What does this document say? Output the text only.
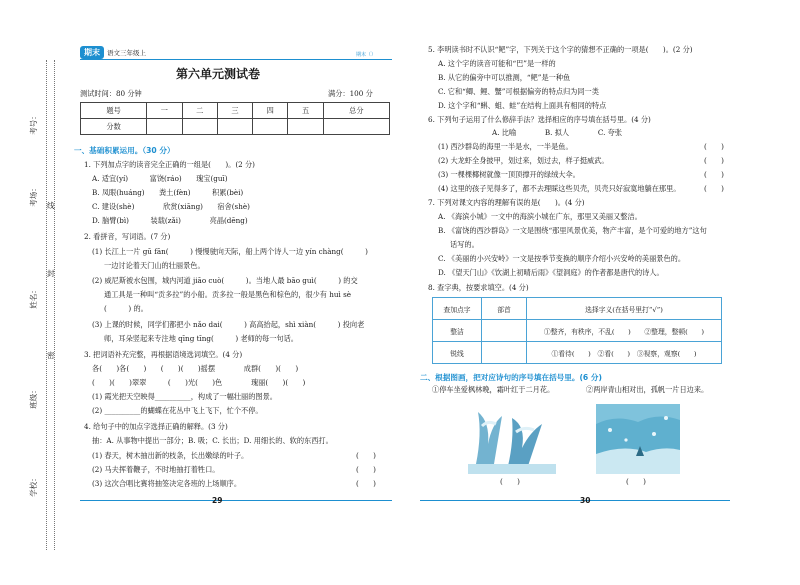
期末	语文三年级上	期末（）
考号：
考场：
姓名：
班级：
学校：
线
封
密
第六单元测试卷
测试时间：80 分钟	满分：100 分
题号	一	二	三	四	五	总分
分数						
一、基础积累运用。（30 分）
1. 下列加点字的读音完全正确的一组是(　　)。(2 分)
A. 适宜(yí)　　　富饶(ráo)　　瑰宝(guī)
B. 凤眼(huáng)　　粪土(fèn)　　　积累(bèi)
C. 建设(shè)　　　　欣赏(xiāng)　　宿舍(shè)
D. 脑臂(bì)　　　装载(zǎi)　　　　亮晶(dēng)
2. 看拼音，写词语。(7 分)
(1) 长江上一片 gū fān(　　　) 慢慢驶向天际，船上两个诗人一边 yín chàng(　　　)
一边讨论着天门山的壮丽景色。
(2) 威尼斯被水包围，城内河道 jiāo cuò(　　　)。当地人最 bāo guì(　　　) 的交
通工具是一种叫“贡多拉”的小船。贡多拉一般是黑色和棕色的，很少有 huì sè
(　　　) 的。
(3) 上课的时候，同学们都把小 nǎo dai(　　　) 高高抬起，shì xiàn(　　　) 投向老
师，耳朵竖起来专注地 qīng tīng(　　　) 老师的每一句话。
3. 把词语补充完整，再根据语境选词填空。(4 分)
各(　　)各(　　)　　(　　)(　　)摇摆　　　　成群(　　)(　　)
(　　)(　　)翠翠　　　(　　)光(　　)色　　　　瑰丽(　　)(　　)
(1) 霞光把天空映得__________，构成了一幅壮丽的图景。
(2) __________的蝴蝶在花丛中飞上飞下，忙个不停。
4. 给句子中的加点字选择正确的解释。(3 分)
抽：A. 从事物中提出一部分；B. 吸；C. 长出；D. 用细长的、软的东西打。
(1) 春天，树木抽出新的枝条，长出嫩绿的叶子。	(　　)
(2) 马夫挥着鞭子，不时地抽打着牲口。	(　　)
(3) 这次合唱比赛将抽签决定各班的上场顺序。	(　　)
29	30
5. 李明读书时不认识“鲃”字，下列关于这个字的猜想不正确的一项是(　　)。(2 分)
A. 这个字的读音可能和“巴”是一样的
B. 从它的偏旁中可以推测，“鲃”是一种鱼
C. 它和“鲫、鲤、蟹”可根据偏旁的特点归为同一类
D. 这个字和“蝌、蛆、蛙”在结构上面具有相同的特点
6. 下列句子运用了什么修辞手法？选择相应的序号填在括号里。(4 分)
A. 比喻　　　　B. 拟人　　　　C. 夸张
(1) 西沙群岛的海里一半是水，一半是鱼。	(　　)
(2) 大龙虾全身披甲，划过来，划过去，样子挺威武。	(　　)
(3) 一棵棵椰树就像一顶顶撑开的绿绒大伞。	(　　)
(4) 这里的孩子见得多了，都不去理睬这些贝壳，贝壳只好寂寞地躺在那里。	(　　)
7. 下列对课文内容的理解有误的是(　　)。(4 分)
A. 《海滨小城》一文中的海滨小城在广东，那里又美丽又整洁。
B. 《富饶的西沙群岛》一文是围绕“那里风景优美，物产丰富，是个可爱的地方”这句
话写的。
C. 《美丽的小兴安岭》一文是按季节变换的顺序介绍小兴安岭的美丽景色的。
D. 《望天门山》《饮湖上初晴后雨》《望洞庭》的作者都是唐代的诗人。
8. 查字典，按要求填空。(4 分)
查加点字	部首	选择字义(在括号里打“√”)
整洁		①整齐，有秩序，不乱(　　)　　②整理，整顿(　　)
锐线		①看待(　　)　②看(　　)　③视察，观察(　　)
二、根据图画，把对应诗句的序号填在括号里。(6 分)
①停车坐爱枫林晚，霜叶红于二月花。	②两岸青山相对出，孤帆一片日边来。
(　　)	(　　)
